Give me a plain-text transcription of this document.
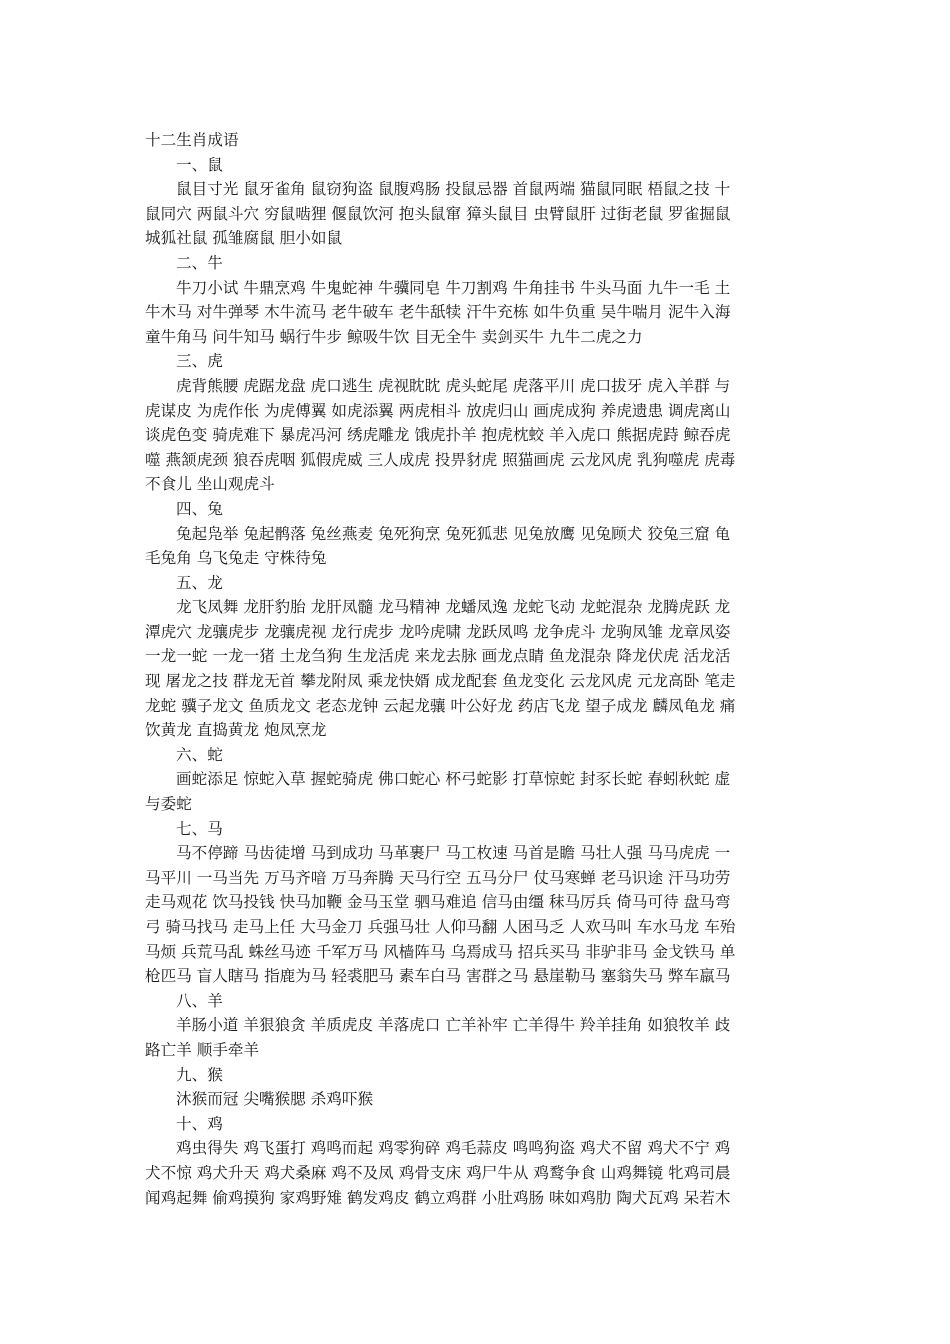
十二生肖成语
一、鼠
鼠目寸光 鼠牙雀角 鼠窃狗盗 鼠腹鸡肠 投鼠忌器 首鼠两端 猫鼠同眠 梧鼠之技 十
鼠同穴 两鼠斗穴 穷鼠啮狸 偃鼠饮河 抱头鼠窜 獐头鼠目 虫臂鼠肝 过街老鼠 罗雀掘鼠
城狐社鼠 孤雏腐鼠 胆小如鼠
二、牛
牛刀小试 牛鼎烹鸡 牛鬼蛇神 牛骥同皂 牛刀割鸡 牛角挂书 牛头马面 九牛一毛 土
牛木马 对牛弹琴 木牛流马 老牛破车 老牛舐犊 汗牛充栋 如牛负重 吴牛喘月 泥牛入海
童牛角马 问牛知马 蜗行牛步 鲸吸牛饮 目无全牛 卖剑买牛 九牛二虎之力
三、虎
虎背熊腰 虎踞龙盘 虎口逃生 虎视眈眈 虎头蛇尾 虎落平川 虎口拔牙 虎入羊群 与
虎谋皮 为虎作伥 为虎傅翼 如虎添翼 两虎相斗 放虎归山 画虎成狗 养虎遗患 调虎离山
谈虎色变 骑虎难下 暴虎冯河 绣虎雕龙 饿虎扑羊 抱虎枕蛟 羊入虎口 熊据虎跱 鲸吞虎
噬 燕颔虎颈 狼吞虎咽 狐假虎威 三人成虎 投畀豺虎 照猫画虎 云龙风虎 乳狗噬虎 虎毒
不食儿 坐山观虎斗
四、兔
兔起凫举 兔起鹘落 兔丝燕麦 兔死狗烹 兔死狐悲 见兔放鹰 见兔顾犬 狡兔三窟 龟
毛兔角 乌飞兔走 守株待兔
五、龙
龙飞凤舞 龙肝豹胎 龙肝凤髓 龙马精神 龙蟠凤逸 龙蛇飞动 龙蛇混杂 龙腾虎跃 龙
潭虎穴 龙骧虎步 龙骧虎视 龙行虎步 龙吟虎啸 龙跃凤鸣 龙争虎斗 龙驹凤雏 龙章凤姿
一龙一蛇 一龙一猪 土龙刍狗 生龙活虎 来龙去脉 画龙点睛 鱼龙混杂 降龙伏虎 活龙活
现 屠龙之技 群龙无首 攀龙附凤 乘龙快婿 成龙配套 鱼龙变化 云龙风虎 元龙高卧 笔走
龙蛇 骥子龙文 鱼质龙文 老态龙钟 云起龙骧 叶公好龙 药店飞龙 望子成龙 麟凤龟龙 痛
饮黄龙 直捣黄龙 炮凤烹龙
六、蛇
画蛇添足 惊蛇入草 握蛇骑虎 佛口蛇心 杯弓蛇影 打草惊蛇 封豕长蛇 春蚓秋蛇 虚
与委蛇
七、马
马不停蹄 马齿徒增 马到成功 马革裹尸 马工枚速 马首是瞻 马壮人强 马马虎虎 一
马平川 一马当先 万马齐喑 万马奔腾 天马行空 五马分尸 仗马寒蝉 老马识途 汗马功劳
走马观花 饮马投钱 快马加鞭 金马玉堂 驷马难追 信马由缰 秣马厉兵 倚马可待 盘马弯
弓 骑马找马 走马上任 大马金刀 兵强马壮 人仰马翻 人困马乏 人欢马叫 车水马龙 车殆
马烦 兵荒马乱 蛛丝马迹 千军万马 风樯阵马 乌焉成马 招兵买马 非驴非马 金戈铁马 单
枪匹马 盲人瞎马 指鹿为马 轻裘肥马 素车白马 害群之马 悬崖勒马 塞翁失马 弊车羸马
八、羊
羊肠小道 羊狠狼贪 羊质虎皮 羊落虎口 亡羊补牢 亡羊得牛 羚羊挂角 如狼牧羊 歧
路亡羊 顺手牵羊
九、猴
沐猴而冠 尖嘴猴腮 杀鸡吓猴
十、鸡
鸡虫得失 鸡飞蛋打 鸡鸣而起 鸡零狗碎 鸡毛蒜皮 鸣鸣狗盗 鸡犬不留 鸡犬不宁 鸡
犬不惊 鸡犬升天 鸡犬桑麻 鸡不及凤 鸡骨支床 鸡尸牛从 鸡鹜争食 山鸡舞镜 牝鸡司晨
闻鸡起舞 偷鸡摸狗 家鸡野雉 鹤发鸡皮 鹤立鸡群 小肚鸡肠 味如鸡肋 陶犬瓦鸡 呆若木
